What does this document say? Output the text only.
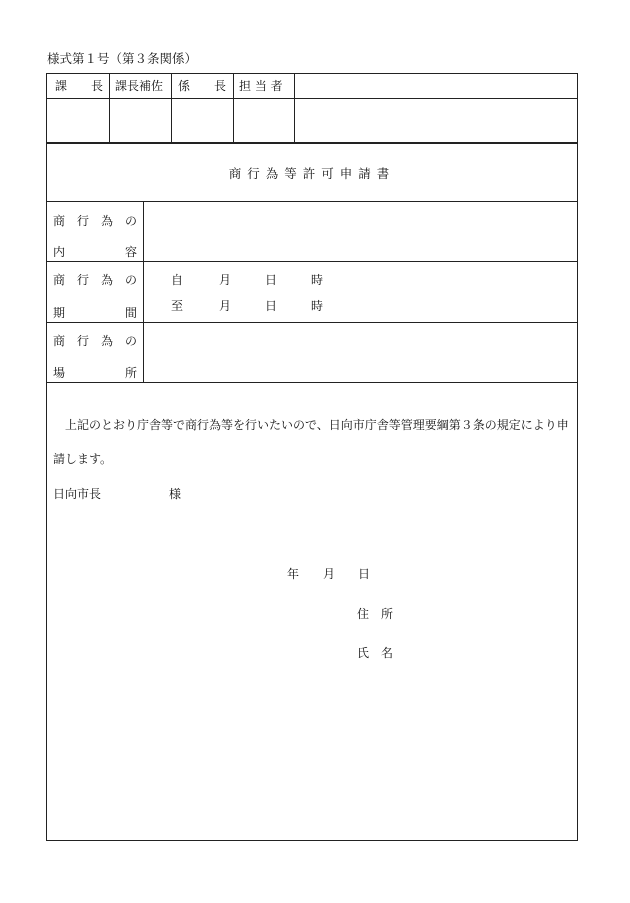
様式第１号（第３条関係）
課　　長 課長補佐 係　　長 担 当 者
商行為等許可申請書
商 行 為 の
内	容
商 行 為 の
期	間
自	月	日	時
至	月	日	時
商 行 為 の
場	所
上記のとおり庁舎等で商行為等を行いたいので、日向市庁舎等管理要綱第３条の規定により申請します。
日向市長	様
年 月 日
住　所
氏　名
